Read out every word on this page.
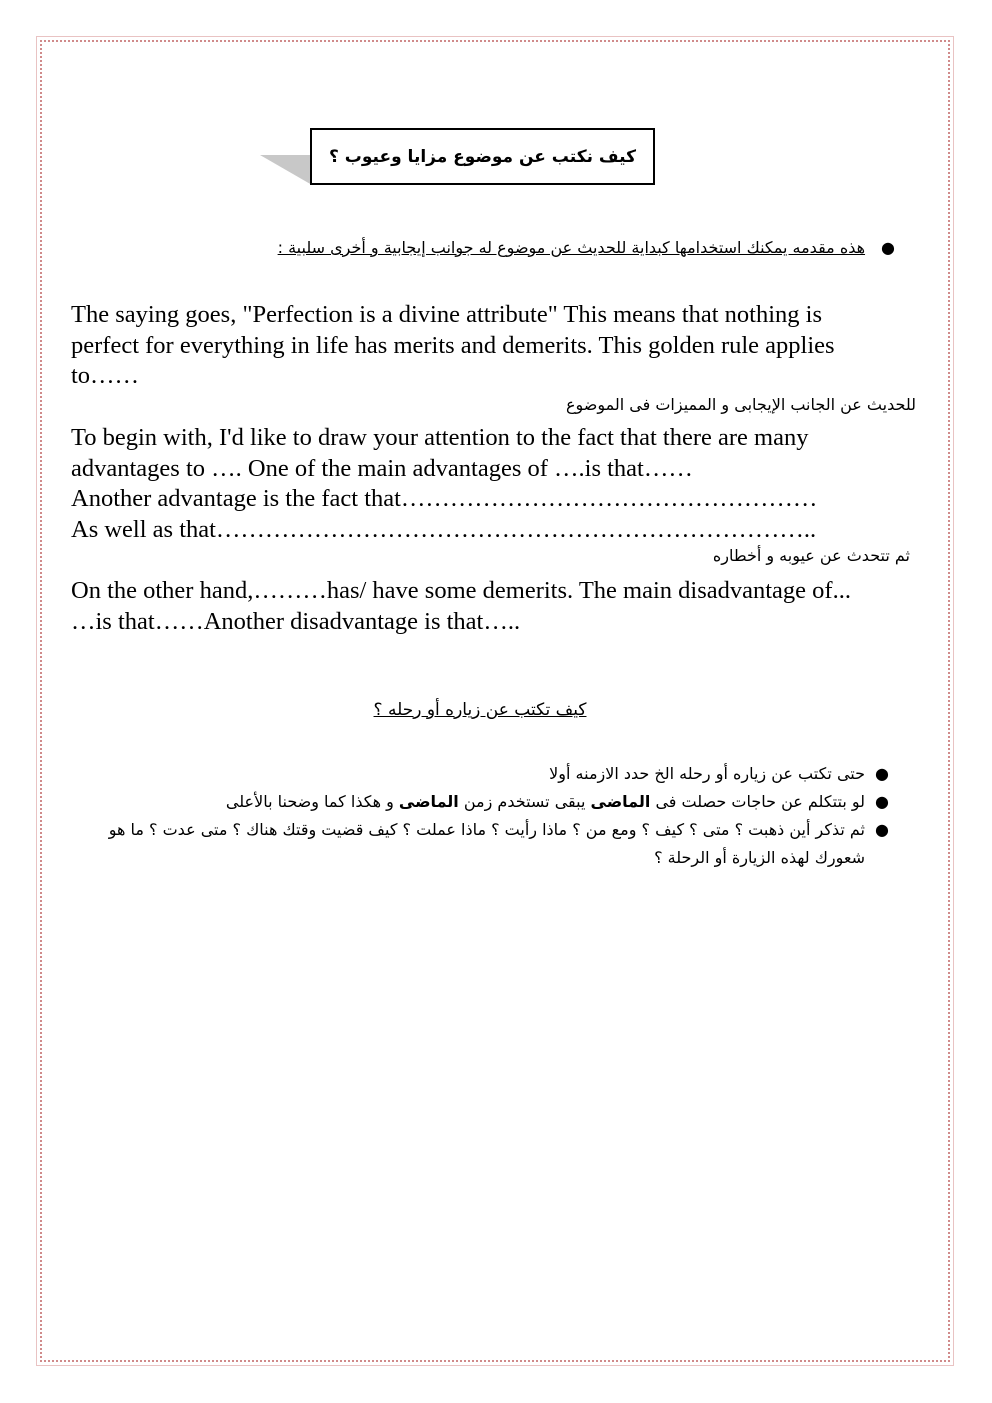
كيف نكتب عن موضوع مزايا وعيوب ؟
●هذه مقدمه يمكنك استخدامها كبداية للحديث عن موضوع له جوانب إيجابية و أخرى سلبية :
The saying goes, "Perfection is a divine attribute" This means that nothing is
perfect for everything in life has merits and demerits. This golden rule applies
to……
للحديث عن الجانب الإيجابى و المميزات فى الموضوع
To begin with, I'd like to draw your attention to the fact that there are many
advantages to …. One of the main advantages of ….is that……
Another advantage is the fact that……………………………………………
As well as that………………………………………………………………..
ثم تتحدث عن عيوبه و أخطاره
On the other hand,………has/ have some demerits. The main disadvantage of...
…is that……Another disadvantage is that…..
كيف تكتب عن زياره أو رحله ؟
●
حتى تكتب عن زياره أو رحله الخ حدد الازمنه أولا
●
لو بتتكلم عن حاجات حصلت فى الماضى يبقى تستخدم زمن الماضى و هكذا كما وضحنا بالأعلى
●
ثم تذكر أين ذهبت ؟ متى ؟ كيف ؟ ومع من ؟ ماذا رأيت ؟ ماذا عملت ؟ كيف قضيت وقتك هناك ؟ متى عدت ؟ ما هو شعورك لهذه الزيارة أو الرحلة ؟
